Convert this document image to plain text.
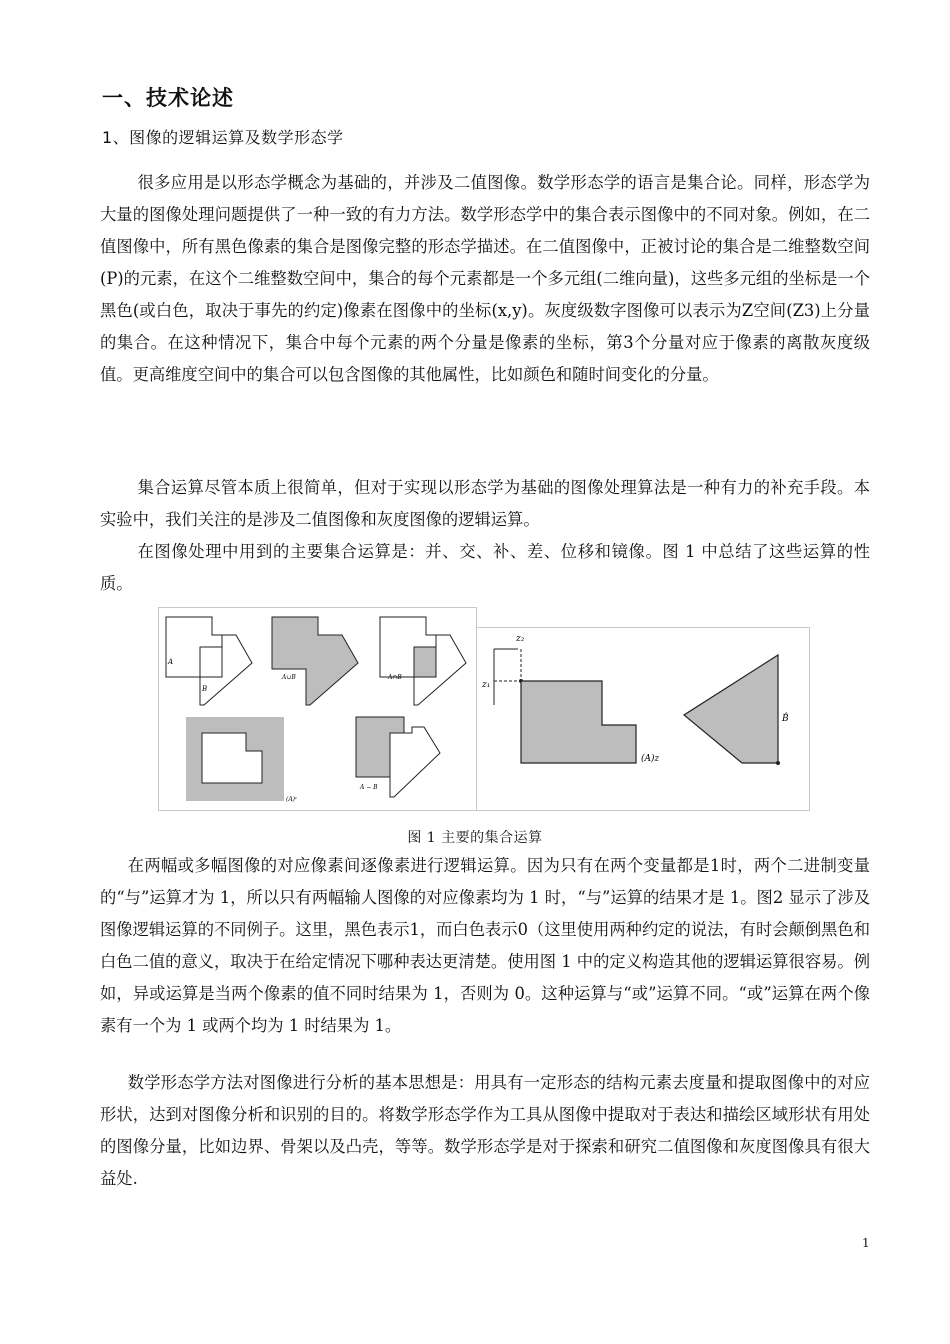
一、技术论述
1、图像的逻辑运算及数学形态学

很多应用是以形态学概念为基础的，并涉及二值图像。数学形态学的语言是集合论。同样，形态学为大量的图像处理问题提供了一种一致的有力方法。数学形态学中的集合表示图像中的不同对象。例如，在二值图像中，所有黑色像素的集合是图像完整的形态学描述。在二值图像中，正被讨论的集合是二维整数空间 (P)的元素，在这个二维整数空间中，集合的每个元素都是一个多元组(二维向量)，这些多元组的坐标是一个黑色(或白色，取决于事先的约定)像素在图像中的坐标(x,y)。灰度级数字图像可以表示为Z空间(Z3)上分量的集合。在这种情况下，集合中每个元素的两个分量是像素的坐标，第3个分量对应于像素的离散灰度级值。更高维度空间中的集合可以包含图像的其他属性，比如颜色和随时间变化的分量。

集合运算尽管本质上很简单，但对于实现以形态学为基础的图像处理算法是一种有力的补充手段。本实验中，我们关注的是涉及二值图像和灰度图像的逻辑运算。

在图像处理中用到的主要集合运算是：并、交、补、差、位移和镜像。图 1 中总结了这些运算的性质。

A
B
A∪B	A∩B
(A)ᶜ
A − B
z₂
z₁
(A)z
B̂
图 1 主要的集合运算

在两幅或多幅图像的对应像素间逐像素进行逻辑运算。因为只有在两个变量都是1时，两个二进制变量的“与”运算才为 1，所以只有两幅输人图像的对应像素均为 1 时，“与”运算的结果才是 1。图2 显示了涉及图像逻辑运算的不同例子。这里，黑色表示1，而白色表示0（这里使用两种约定的说法，有时会颠倒黑色和白色二值的意义，取决于在给定情况下哪种表达更清楚。使用图 1 中的定义构造其他的逻辑运算很容易。例如，异或运算是当两个像素的值不同时结果为 1，否则为 0。这种运算与“或”运算不同。“或”运算在两个像素有一个为 1 或两个均为 1 时结果为 1。

数学形态学方法对图像进行分析的基本思想是：用具有一定形态的结构元素去度量和提取图像中的对应形状，达到对图像分析和识别的目的。将数学形态学作为工具从图像中提取对于表达和描绘区域形状有用处的图像分量，比如边界、骨架以及凸壳，等等。数学形态学是对于探索和研究二值图像和灰度图像具有很大益处.

1
